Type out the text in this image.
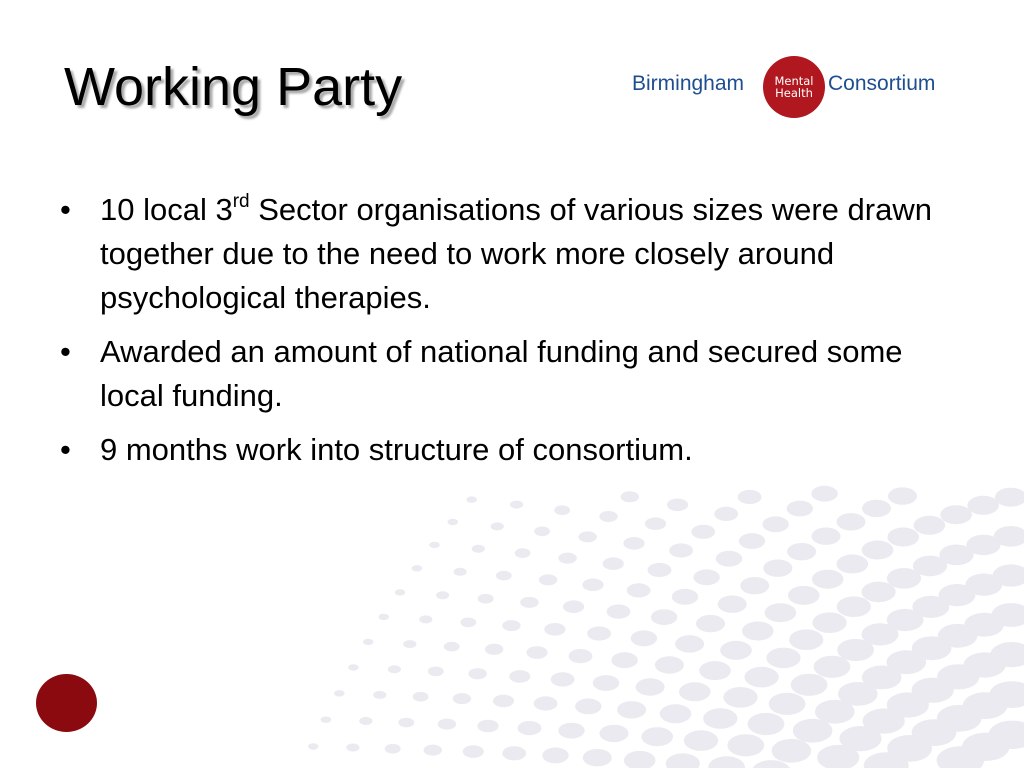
Working Party	Birmingham	Mental
Health Consortium
• 10 local 3rd Sector organisations of various sizes were drawn together due to the need to work more closely around psychological therapies.
• Awarded an amount of national funding and secured some local funding.
• 9 months work into structure of consortium.
